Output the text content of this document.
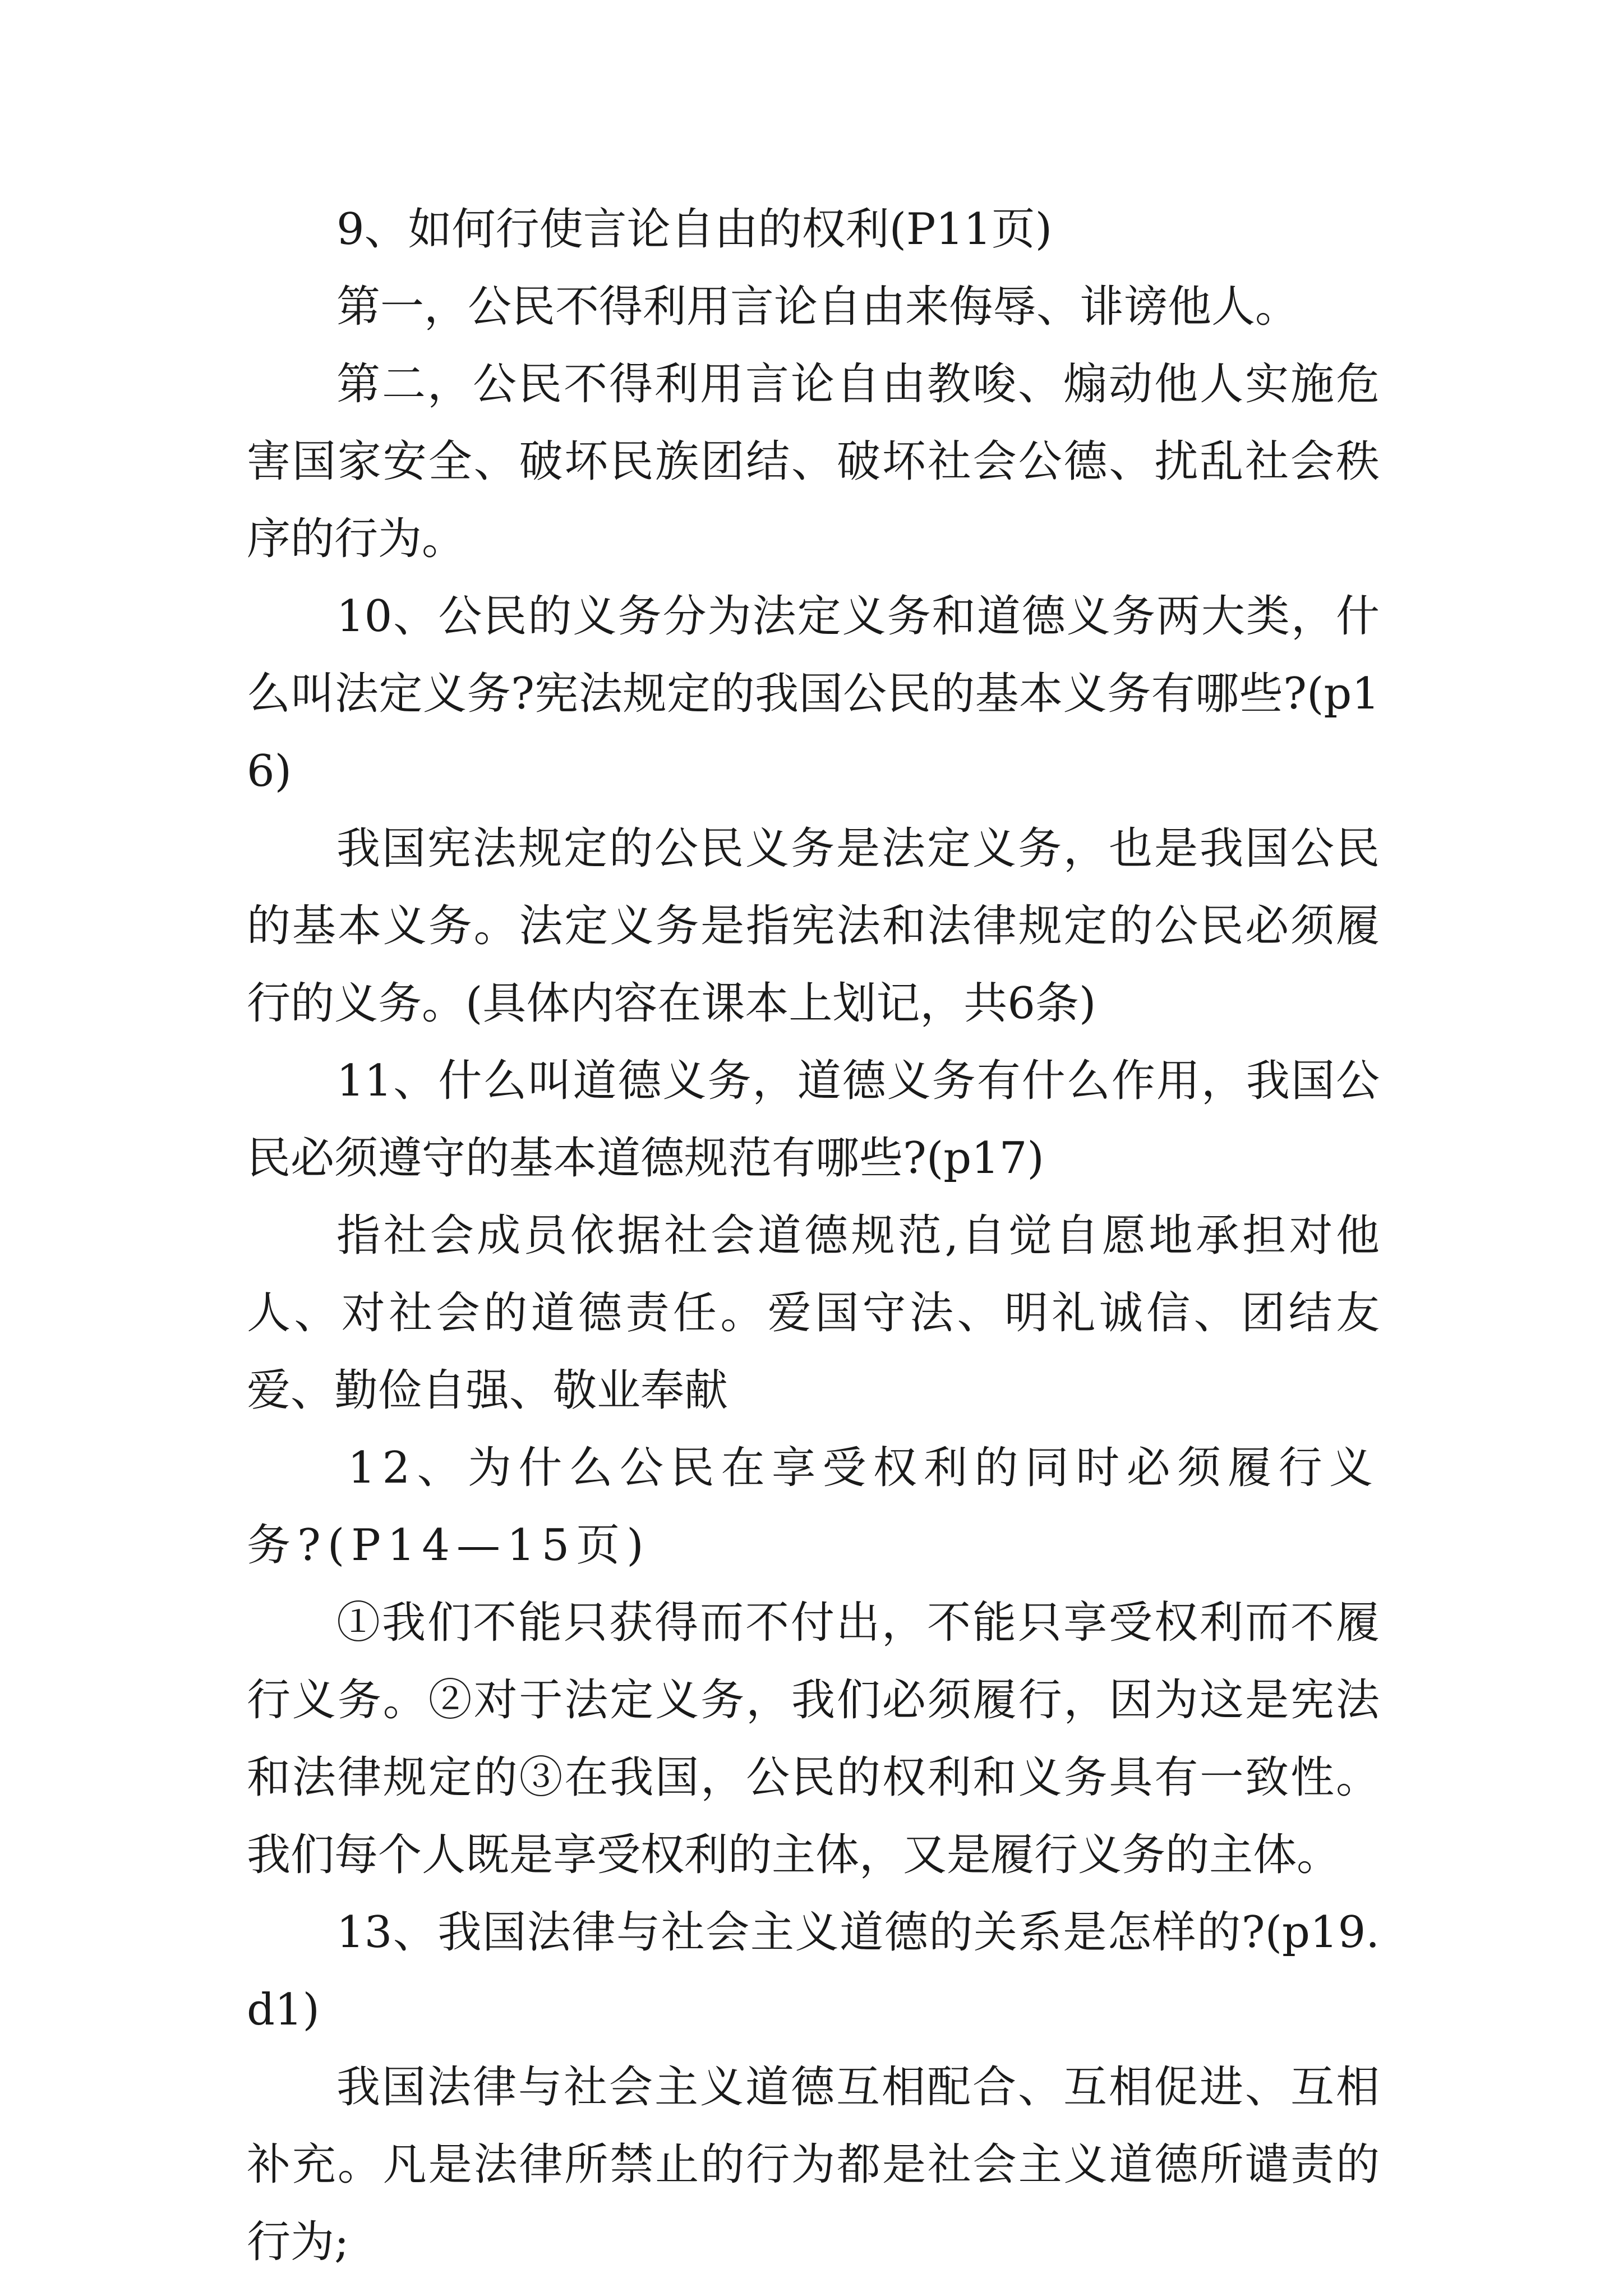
9、如何行使言论自由的权利(P11页)

第一，公民不得利用言论自由来侮辱、诽谤他人。

第二，公民不得利用言论自由教唆、煽动他人实施危害国家安全、破坏民族团结、破坏社会公德、扰乱社会秩序的行为。

10、公民的义务分为法定义务和道德义务两大类，什么叫法定义务?宪法规定的我国公民的基本义务有哪些?(p16)

我国宪法规定的公民义务是法定义务，也是我国公民的基本义务。法定义务是指宪法和法律规定的公民必须履行的义务。(具体内容在课本上划记，共6条)

11、什么叫道德义务，道德义务有什么作用，我国公民必须遵守的基本道德规范有哪些?(p17)

指社会成员依据社会道德规范,自觉自愿地承担对他人、对社会的道德责任。爱国守法、明礼诚信、团结友爱、勤俭自强、敬业奉献

12、为什么公民在享受权利的同时必须履行义务?(P14—15页)

①我们不能只获得而不付出，不能只享受权利而不履行义务。②对于法定义务，我们必须履行，因为这是宪法和法律规定的③在我国，公民的权利和义务具有一致性。我们每个人既是享受权利的主体，又是履行义务的主体。

13、我国法律与社会主义道德的关系是怎样的?(p19.d1)

我国法律与社会主义道德互相配合、互相促进、互相补充。凡是法律所禁止的行为都是社会主义道德所谴责的行为;
